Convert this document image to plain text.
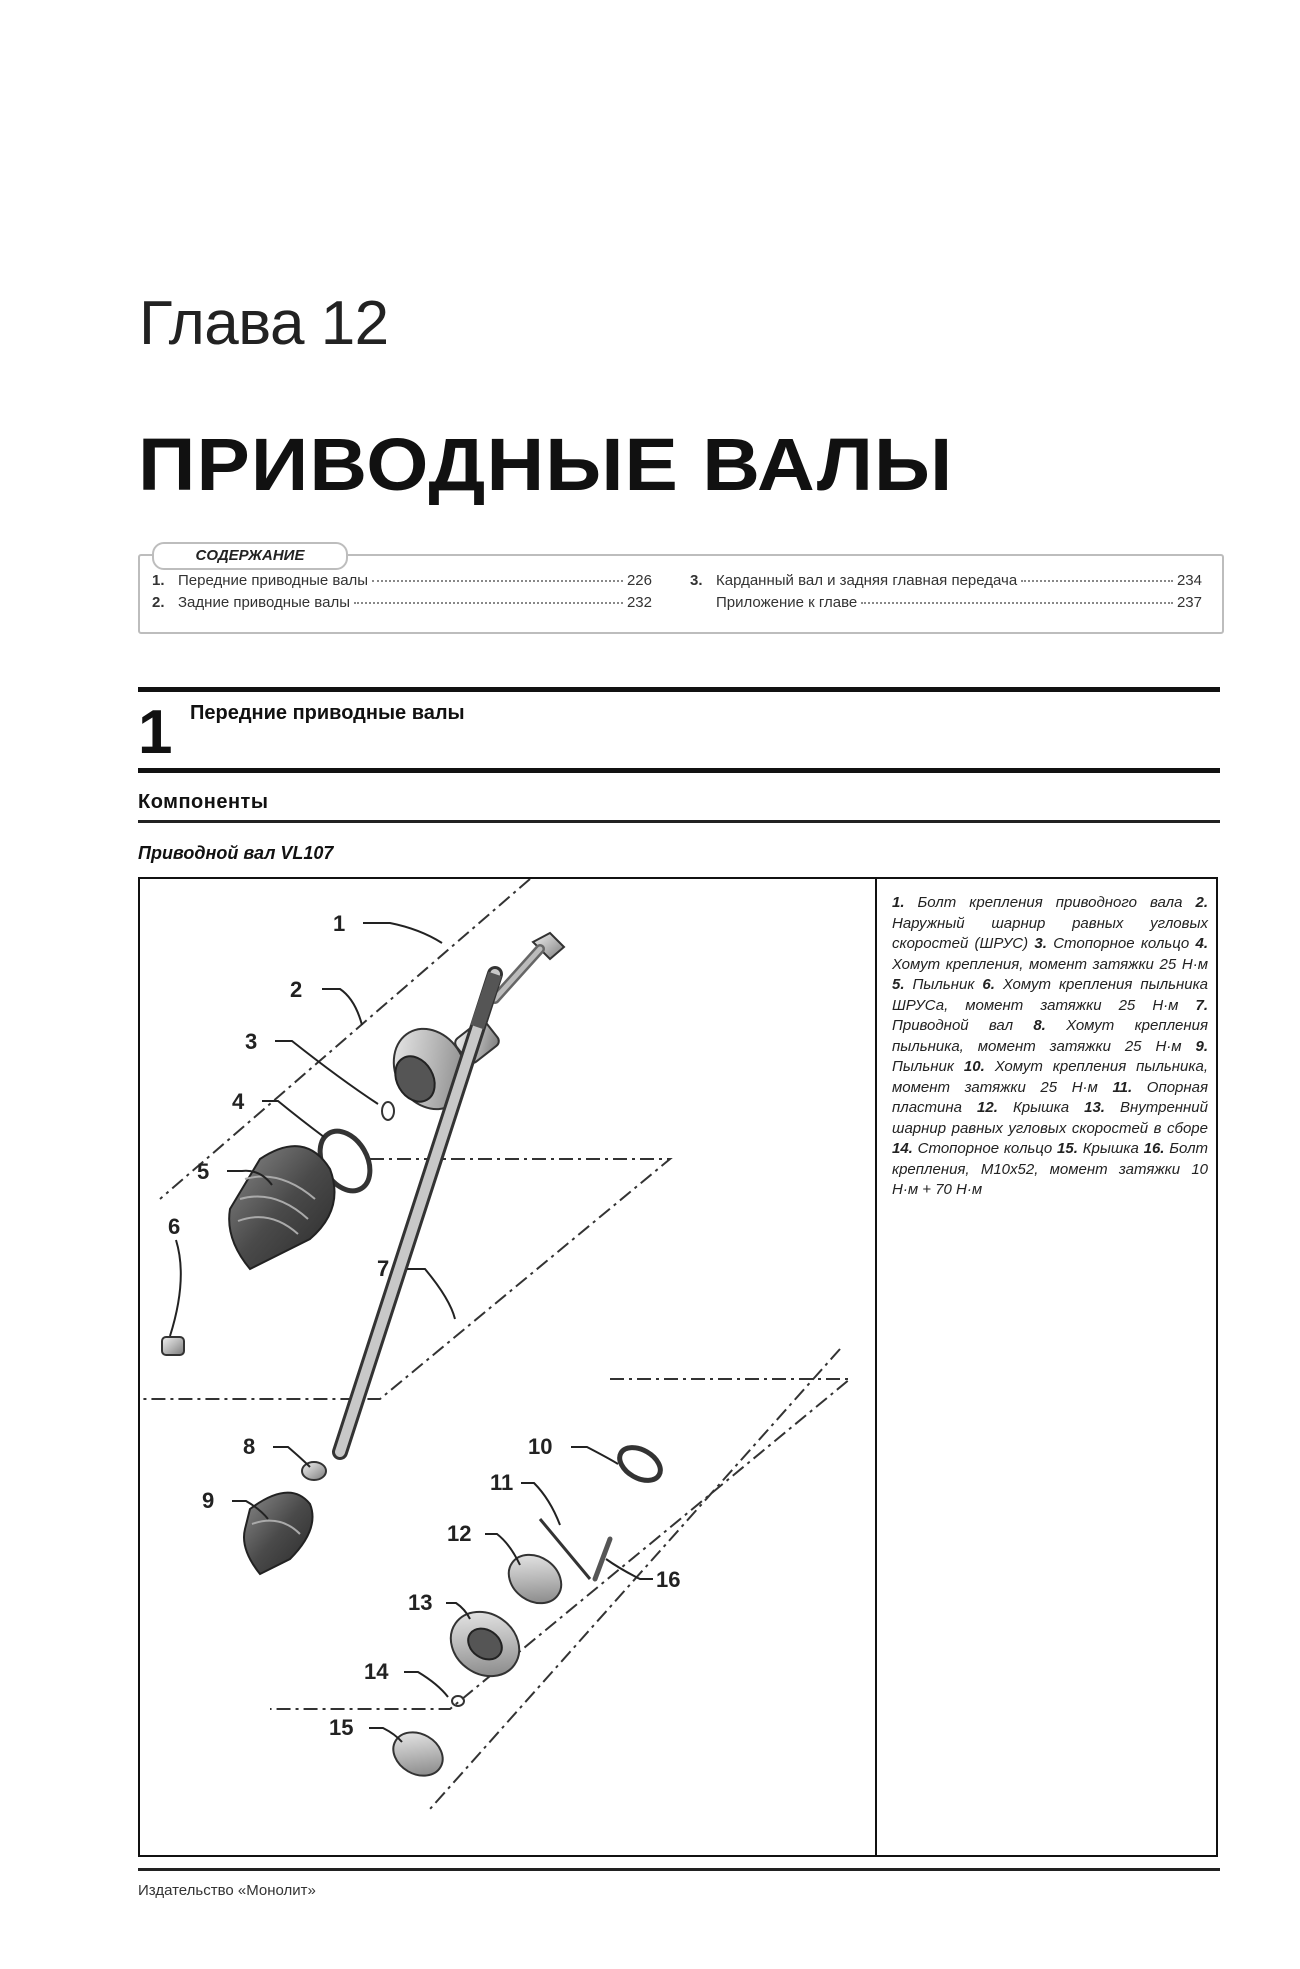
Глава 12
ПРИВОДНЫЕ ВАЛЫ
СОДЕРЖАНИЕ
1. Передние приводные валы	226
2. Задние приводные валы	232
3. Карданный вал и задняя главная передача	234
Приложение к главе	237
1 Передние приводные валы
Компоненты
Приводной вал VL107
1
2
3
4
5
6
7
8
9
10
11
12
16
13
14
15
1. Болт крепления приводного вала 2. Наружный шарнир равных угловых скоростей (ШРУС) 3. Стопорное кольцо 4. Хомут крепления, момент затяжки 25 Н·м 5. Пыльник 6. Хомут крепления пыльника ШРУСа, момент затяжки 25 Н·м 7. Приводной вал 8. Хомут крепления пыльника, момент затяжки 25 Н·м 9. Пыльник 10. Хомут крепления пыльника, момент затяжки 25 Н·м 11. Опорная пластина 12. Крышка 13. Внутренний шарнир равных угловых скоростей в сборе 14. Стопорное кольцо 15. Крышка 16. Болт крепления, M10x52, момент затяжки 10 Н·м + 70 Н·м
Издательство «Монолит»
